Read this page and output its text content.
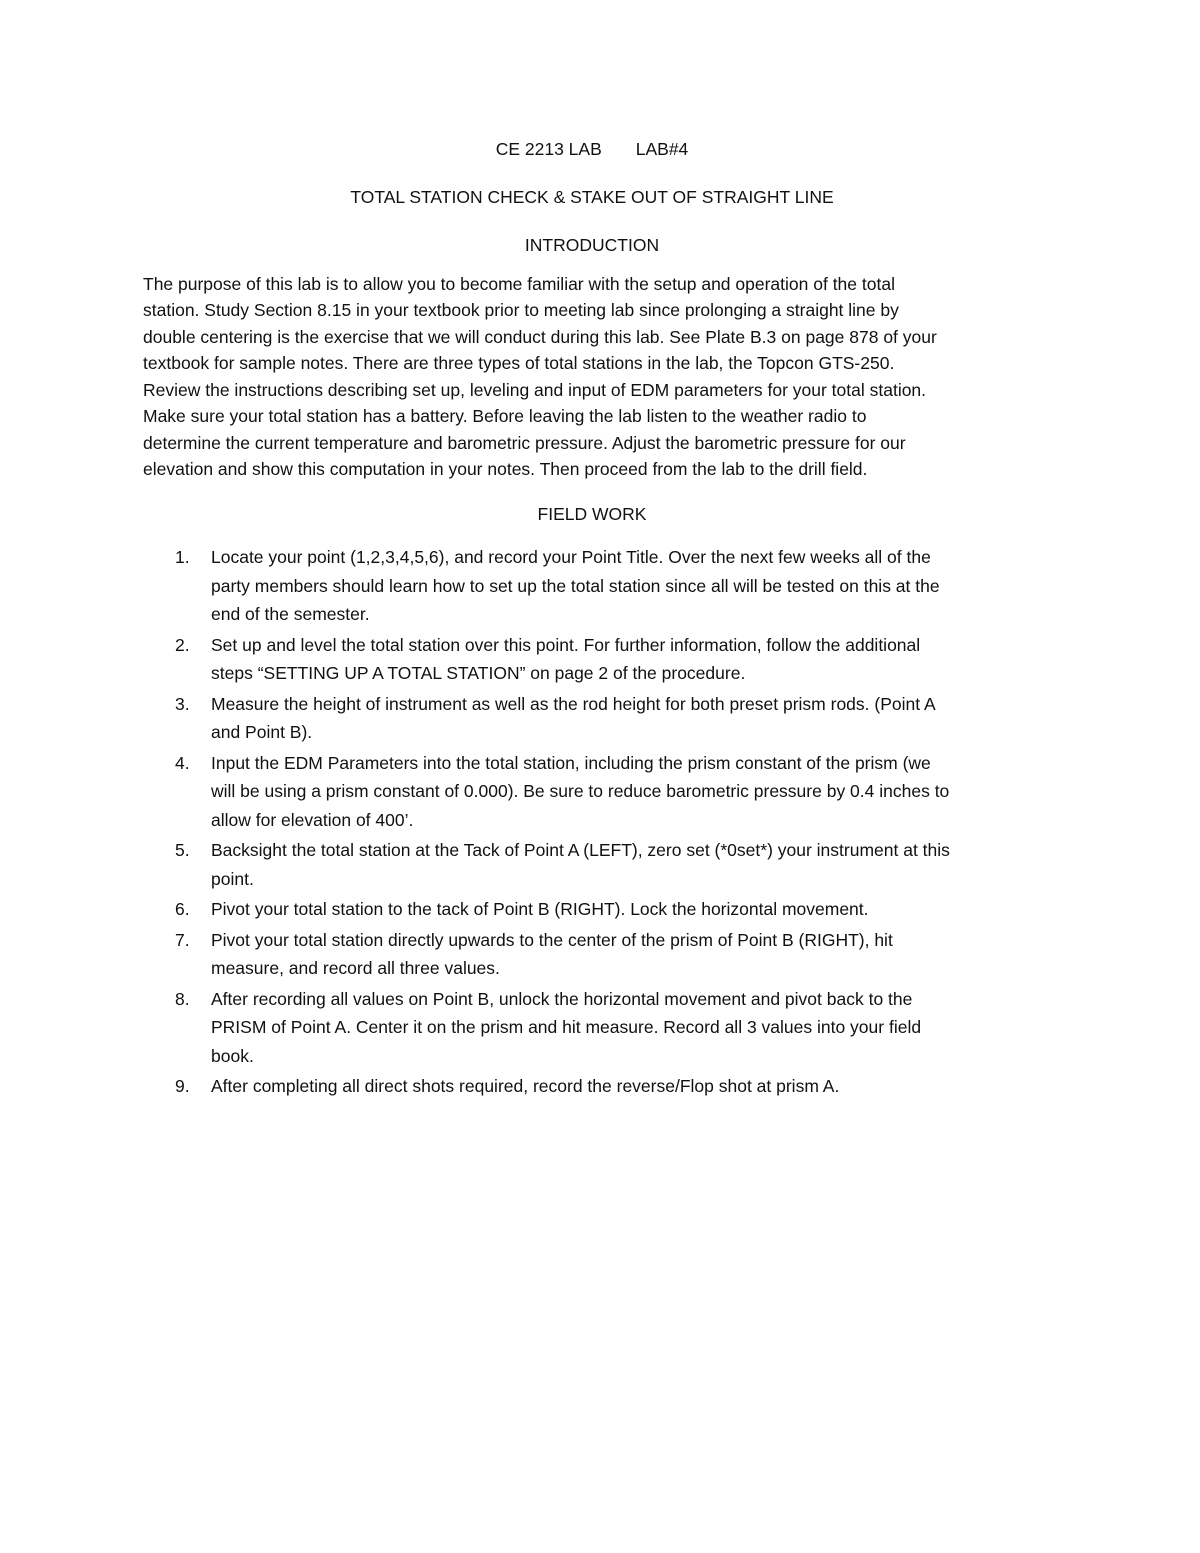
CE 2213 LAB LAB#4

TOTAL STATION CHECK & STAKE OUT OF STRAIGHT LINE

INTRODUCTION

The purpose of this lab is to allow you to become familiar with the setup and operation of the total
station. Study Section 8.15 in your textbook prior to meeting lab since prolonging a straight line by
double centering is the exercise that we will conduct during this lab. See Plate B.3 on page 878 of your
textbook for sample notes. There are three types of total stations in the lab, the Topcon GTS-250.
Review the instructions describing set up, leveling and input of EDM parameters for your total station.
Make sure your total station has a battery. Before leaving the lab listen to the weather radio to
determine the current temperature and barometric pressure. Adjust the barometric pressure for our
elevation and show this computation in your notes. Then proceed from the lab to the drill field.

FIELD WORK

1. Locate your point (1,2,3,4,5,6), and record your Point Title. Over the next few weeks all of the
party members should learn how to set up the total station since all will be tested on this at the
end of the semester.
2. Set up and level the total station over this point. For further information, follow the additional
steps “SETTING UP A TOTAL STATION” on page 2 of the procedure.
3. Measure the height of instrument as well as the rod height for both preset prism rods. (Point A
and Point B).
4. Input the EDM Parameters into the total station, including the prism constant of the prism (we
will be using a prism constant of 0.000). Be sure to reduce barometric pressure by 0.4 inches to
allow for elevation of 400’.
5. Backsight the total station at the Tack of Point A (LEFT), zero set (*0set*) your instrument at this
point.
6. Pivot your total station to the tack of Point B (RIGHT). Lock the horizontal movement.
7. Pivot your total station directly upwards to the center of the prism of Point B (RIGHT), hit
measure, and record all three values.
8. After recording all values on Point B, unlock the horizontal movement and pivot back to the
PRISM of Point A. Center it on the prism and hit measure. Record all 3 values into your field
book.
9. After completing all direct shots required, record the reverse/Flop shot at prism A.
